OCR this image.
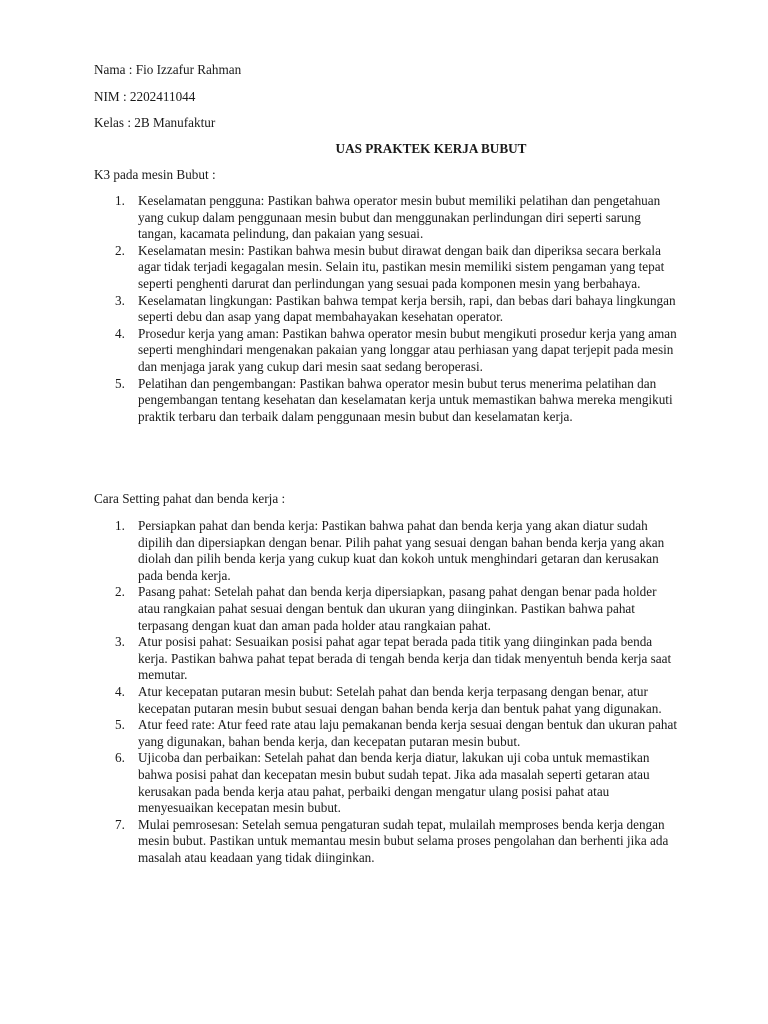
Nama : Fio Izzafur Rahman
NIM : 2202411044
Kelas : 2B Manufaktur
UAS PRAKTEK KERJA BUBUT
K3 pada mesin Bubut :
1. Keselamatan pengguna: Pastikan bahwa operator mesin bubut memiliki pelatihan dan pengetahuan yang cukup dalam penggunaan mesin bubut dan menggunakan perlindungan diri seperti sarung tangan, kacamata pelindung, dan pakaian yang sesuai.
2. Keselamatan mesin: Pastikan bahwa mesin bubut dirawat dengan baik dan diperiksa secara berkala agar tidak terjadi kegagalan mesin. Selain itu, pastikan mesin memiliki sistem pengaman yang tepat seperti penghenti darurat dan perlindungan yang sesuai pada komponen mesin yang berbahaya.
3. Keselamatan lingkungan: Pastikan bahwa tempat kerja bersih, rapi, dan bebas dari bahaya lingkungan seperti debu dan asap yang dapat membahayakan kesehatan operator.
4. Prosedur kerja yang aman: Pastikan bahwa operator mesin bubut mengikuti prosedur kerja yang aman seperti menghindari mengenakan pakaian yang longgar atau perhiasan yang dapat terjepit pada mesin dan menjaga jarak yang cukup dari mesin saat sedang beroperasi.
5. Pelatihan dan pengembangan: Pastikan bahwa operator mesin bubut terus menerima pelatihan dan pengembangan tentang kesehatan dan keselamatan kerja untuk memastikan bahwa mereka mengikuti praktik terbaru dan terbaik dalam penggunaan mesin bubut dan keselamatan kerja.
Cara Setting pahat dan benda kerja :
1. Persiapkan pahat dan benda kerja: Pastikan bahwa pahat dan benda kerja yang akan diatur sudah dipilih dan dipersiapkan dengan benar. Pilih pahat yang sesuai dengan bahan benda kerja yang akan diolah dan pilih benda kerja yang cukup kuat dan kokoh untuk menghindari getaran dan kerusakan pada benda kerja.
2. Pasang pahat: Setelah pahat dan benda kerja dipersiapkan, pasang pahat dengan benar pada holder atau rangkaian pahat sesuai dengan bentuk dan ukuran yang diinginkan. Pastikan bahwa pahat terpasang dengan kuat dan aman pada holder atau rangkaian pahat.
3. Atur posisi pahat: Sesuaikan posisi pahat agar tepat berada pada titik yang diinginkan pada benda kerja. Pastikan bahwa pahat tepat berada di tengah benda kerja dan tidak menyentuh benda kerja saat memutar.
4. Atur kecepatan putaran mesin bubut: Setelah pahat dan benda kerja terpasang dengan benar, atur kecepatan putaran mesin bubut sesuai dengan bahan benda kerja dan bentuk pahat yang digunakan.
5. Atur feed rate: Atur feed rate atau laju pemakanan benda kerja sesuai dengan bentuk dan ukuran pahat yang digunakan, bahan benda kerja, dan kecepatan putaran mesin bubut.
6. Ujicoba dan perbaikan: Setelah pahat dan benda kerja diatur, lakukan uji coba untuk memastikan bahwa posisi pahat dan kecepatan mesin bubut sudah tepat. Jika ada masalah seperti getaran atau kerusakan pada benda kerja atau pahat, perbaiki dengan mengatur ulang posisi pahat atau menyesuaikan kecepatan mesin bubut.
7. Mulai pemrosesan: Setelah semua pengaturan sudah tepat, mulailah memproses benda kerja dengan mesin bubut. Pastikan untuk memantau mesin bubut selama proses pengolahan dan berhenti jika ada masalah atau keadaan yang tidak diinginkan.
